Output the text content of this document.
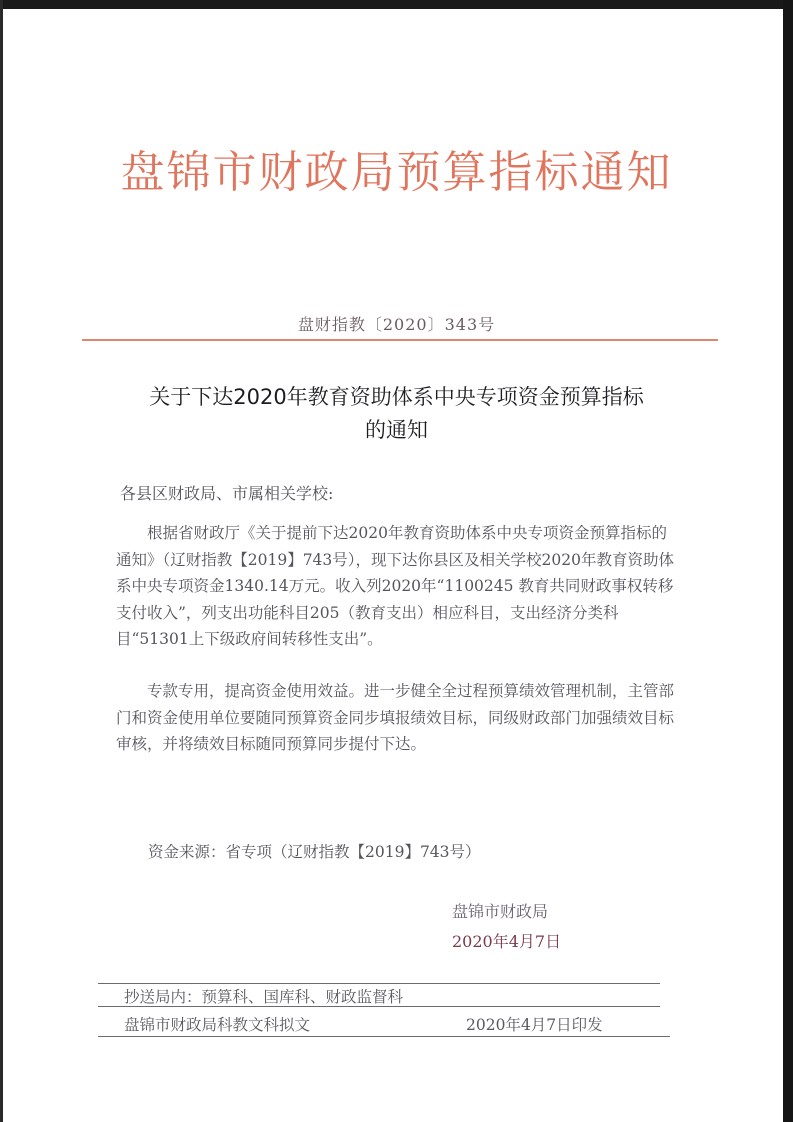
盘锦市财政局预算指标通知
盘财指教〔2020〕343号
关于下达2020年教育资助体系中央专项资金预算指标
的通知
各县区财政局、市属相关学校:

根据省财政厅《关于提前下达2020年教育资助体系中央专项资金预算指标的通知》（辽财指教【2019】743号），现下达你县区及相关学校2020年教育资助体系中央专项资金1340.14万元。收入列2020年“1100245 教育共同财政事权转移支付收入”，列支出功能科目205（教育支出）相应科目，支出经济分类科目“51301上下级政府间转移性支出”。

专款专用，提高资金使用效益。进一步健全全过程预算绩效管理机制，主管部门和资金使用单位要随同预算资金同步填报绩效目标，同级财政部门加强绩效目标审核，并将绩效目标随同预算同步提付下达。

资金来源：省专项（辽财指教【2019】743号）
盘锦市财政局
2020年4月7日
抄送局内：预算科、国库科、财政监督科
盘锦市财政局科教文科拟文	2020年4月7日印发
